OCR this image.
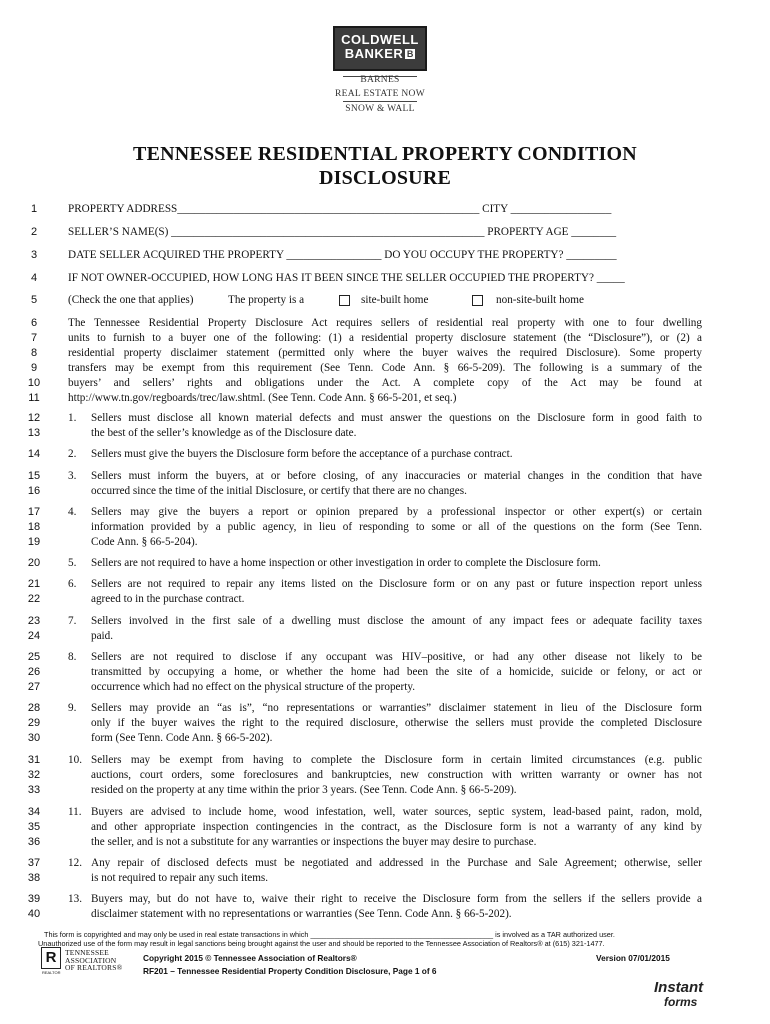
COLDWELL
BANKER B
BARNES
REAL ESTATE NOW
SNOW & WALL
TENNESSEE RESIDENTIAL PROPERTY CONDITION
DISCLOSURE
1
2
3
4
5
6
7
8
9
10
11
12
13
14
15
16
17
18
19
20
21
22
23
24
25
26
27
28
29
30
31
32
33
34
35
36
37
38
39
40
PROPERTY ADDRESS______________________________________________________ CITY __________________
SELLER’S NAME(S) ________________________________________________________ PROPERTY AGE ________
DATE SELLER ACQUIRED THE PROPERTY _________________ DO YOU OCCUPY THE PROPERTY? _________
IF NOT OWNER-OCCUPIED, HOW LONG HAS IT BEEN SINCE THE SELLER OCCUPIED THE PROPERTY? _____
(Check the one that applies)	The property is a	site-built home	non-site-built home
The Tennessee Residential Property Disclosure Act requires sellers of residential real property with one to four dwelling
units to furnish to a buyer one of the following: (1) a residential property disclosure statement (the “Disclosure”), or (2) a
residential property disclaimer statement (permitted only where the buyer waives the required Disclosure). Some property
transfers may be exempt from this requirement (See Tenn. Code Ann. § 66-5-209). The following is a summary of the
buyers’ and sellers’ rights and obligations under the Act. A complete copy of the Act may be found at
http://www.tn.gov/regboards/trec/law.shtml. (See Tenn. Code Ann. § 66-5-201, et seq.)
1. Sellers must disclose all known material defects and must answer the questions on the Disclosure form in good faith to
the best of the seller’s knowledge as of the Disclosure date.
2. Sellers must give the buyers the Disclosure form before the acceptance of a purchase contract.
3. Sellers must inform the buyers, at or before closing, of any inaccuracies or material changes in the condition that have
occurred since the time of the initial Disclosure, or certify that there are no changes.
4. Sellers may give the buyers a report or opinion prepared by a professional inspector or other expert(s) or certain
information provided by a public agency, in lieu of responding to some or all of the questions on the form (See Tenn.
Code Ann. § 66-5-204).
5. Sellers are not required to have a home inspection or other investigation in order to complete the Disclosure form.
6. Sellers are not required to repair any items listed on the Disclosure form or on any past or future inspection report unless
agreed to in the purchase contract.
7. Sellers involved in the first sale of a dwelling must disclose the amount of any impact fees or adequate facility taxes
paid.
8. Sellers are not required to disclose if any occupant was HIV–positive, or had any other disease not likely to be
transmitted by occupying a home, or whether the home had been the site of a homicide, suicide or felony, or act or
occurrence which had no effect on the physical structure of the property.
9. Sellers may provide an “as is”, “no representations or warranties” disclaimer statement in lieu of the Disclosure form
only if the buyer waives the right to the required disclosure, otherwise the sellers must provide the completed Disclosure
form (See Tenn. Code Ann. § 66-5-202).
10. Sellers may be exempt from having to complete the Disclosure form in certain limited circumstances (e.g. public
auctions, court orders, some foreclosures and bankruptcies, new construction with written warranty or owner has not
resided on the property at any time within the prior 3 years. (See Tenn. Code Ann. § 66-5-209).
11. Buyers are advised to include home, wood infestation, well, water sources, septic system, lead-based paint, radon, mold,
and other appropriate inspection contingencies in the contract, as the Disclosure form is not a warranty of any kind by
the seller, and is not a substitute for any warranties or inspections the buyer may desire to purchase.
12. Any repair of disclosed defects must be negotiated and addressed in the Purchase and Sale Agreement; otherwise, seller
is not required to repair any such items.
13. Buyers may, but do not have to, waive their right to receive the Disclosure form from the sellers if the sellers provide a
disclaimer statement with no representations or warranties (See Tenn. Code Ann. § 66-5-202).
This form is copyrighted and may only be used in real estate transactions in which _____________________________________________ is involved as a TAR authorized user.
Unauthorized use of the form may result in legal sanctions being brought against the user and should be reported to the Tennessee Association of Realtors® at (615) 321-1477.
R
REALTOR
TENNESSEE
ASSOCIATION
OF REALTORS®
Copyright 2015 © Tennessee Association of Realtors®	Version 07/01/2015
RF201 – Tennessee Residential Property Condition Disclosure, Page 1 of 6
Instant
forms
